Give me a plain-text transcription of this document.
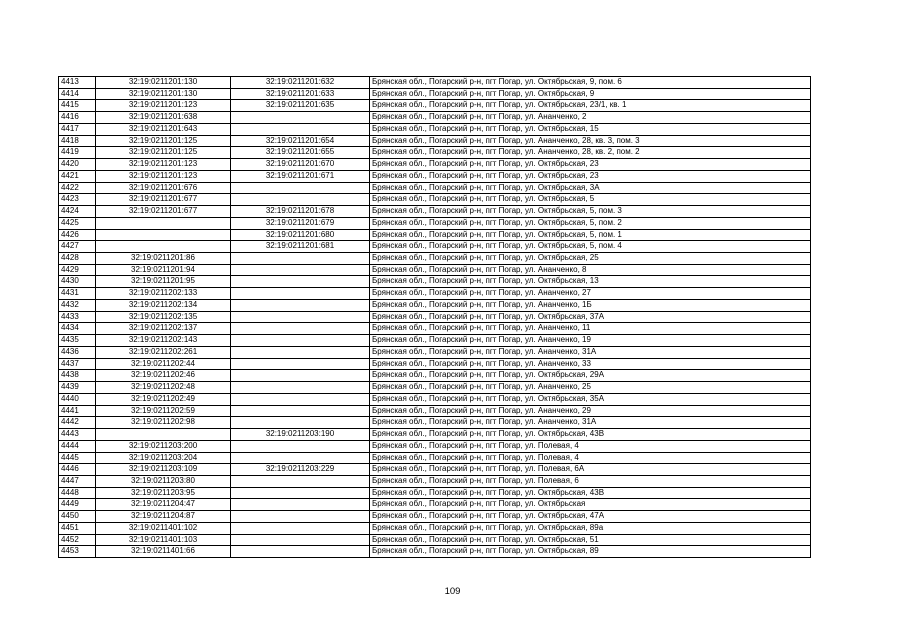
4413	32:19:0211201:130	32:19:0211201:632	Брянская обл., Погарский р-н, пгт Погар, ул. Октябрьская, 9, пом. 6
4414	32:19:0211201:130	32:19:0211201:633	Брянская обл., Погарский р-н, пгт Погар, ул. Октябрьская, 9
4415	32:19:0211201:123	32:19:0211201:635	Брянская обл., Погарский р-н, пгт Погар, ул. Октябрьская, 23/1, кв. 1
4416	32:19:0211201:638		Брянская обл., Погарский р-н, пгт Погар, ул. Ананченко, 2
4417	32:19:0211201:643		Брянская обл., Погарский р-н, пгт Погар, ул. Октябрьская, 15
4418	32:19:0211201:125	32:19:0211201:654	Брянская обл., Погарский р-н, пгт Погар, ул. Ананченко, 28, кв. 3, пом. 3
4419	32:19:0211201:125	32:19:0211201:655	Брянская обл., Погарский р-н, пгт Погар, ул. Ананченко, 28, кв. 2, пом. 2
4420	32:19:0211201:123	32:19:0211201:670	Брянская обл., Погарский р-н, пгт Погар, ул. Октябрьская, 23
4421	32:19:0211201:123	32:19:0211201:671	Брянская обл., Погарский р-н, пгт Погар, ул. Октябрьская, 23
4422	32:19:0211201:676		Брянская обл., Погарский р-н, пгт Погар, ул. Октябрьская, 3А
4423	32:19:0211201:677		Брянская обл., Погарский р-н, пгт Погар, ул. Октябрьская, 5
4424	32:19:0211201:677	32:19:0211201:678	Брянская обл., Погарский р-н, пгт Погар, ул. Октябрьская, 5, пом. 3
4425		32:19:0211201:679	Брянская обл., Погарский р-н, пгт Погар, ул. Октябрьская, 5, пом. 2
4426		32:19:0211201:680	Брянская обл., Погарский р-н, пгт Погар, ул. Октябрьская, 5, пом. 1
4427		32:19:0211201:681	Брянская обл., Погарский р-н, пгт Погар, ул. Октябрьская, 5, пом. 4
4428	32:19:0211201:86		Брянская обл., Погарский р-н, пгт Погар, ул. Октябрьская, 25
4429	32:19:0211201:94		Брянская обл., Погарский р-н, пгт Погар, ул. Ананченко, 8
4430	32:19:0211201:95		Брянская обл., Погарский р-н, пгт Погар, ул. Октябрьская, 13
4431	32:19:0211202:133		Брянская обл., Погарский р-н, пгт Погар, ул. Ананченко, 27
4432	32:19:0211202:134		Брянская обл., Погарский р-н, пгт Погар, ул. Ананченко, 1Б
4433	32:19:0211202:135		Брянская обл., Погарский р-н, пгт Погар, ул. Октябрьская, 37А
4434	32:19:0211202:137		Брянская обл., Погарский р-н, пгт Погар, ул. Ананченко, 11
4435	32:19:0211202:143		Брянская обл., Погарский р-н, пгт Погар, ул. Ананченко, 19
4436	32:19:0211202:261		Брянская обл., Погарский р-н, пгт Погар, ул. Ананченко, 31А
4437	32:19:0211202:44		Брянская обл., Погарский р-н, пгт Погар, ул. Ананченко, 33
4438	32:19:0211202:46		Брянская обл., Погарский р-н, пгт Погар, ул. Октябрьская, 29А
4439	32:19:0211202:48		Брянская обл., Погарский р-н, пгт Погар, ул. Ананченко, 25
4440	32:19:0211202:49		Брянская обл., Погарский р-н, пгт Погар, ул. Октябрьская, 35А
4441	32:19:0211202:59		Брянская обл., Погарский р-н, пгт Погар, ул. Ананченко, 29
4442	32:19:0211202:98		Брянская обл., Погарский р-н, пгт Погар, ул. Ананченко, 31А
4443		32:19:0211203:190	Брянская обл., Погарский р-н, пгт Погар, ул. Октябрьская, 43В
4444	32:19:0211203:200		Брянская обл., Погарский р-н, пгт Погар, ул. Полевая, 4
4445	32:19:0211203:204		Брянская обл., Погарский р-н, пгт Погар, ул. Полевая, 4
4446	32:19:0211203:109	32:19:0211203:229	Брянская обл., Погарский р-н, пгт Погар, ул. Полевая, 6А
4447	32:19:0211203:80		Брянская обл., Погарский р-н, пгт Погар, ул. Полевая, 6
4448	32:19:0211203:95		Брянская обл., Погарский р-н, пгт Погар, ул. Октябрьская, 43В
4449	32:19:0211204:47		Брянская обл., Погарский р-н, пгт Погар, ул. Октябрьская
4450	32:19:0211204:87		Брянская обл., Погарский р-н, пгт Погар, ул. Октябрьская, 47А
4451	32:19:0211401:102		Брянская обл., Погарский р-н, пгт Погар, ул. Октябрьская, 89а
4452	32:19:0211401:103		Брянская обл., Погарский р-н, пгт Погар, ул. Октябрьская, 51
4453	32:19:0211401:66		Брянская обл., Погарский р-н, пгт Погар, ул. Октябрьская, 89
109
